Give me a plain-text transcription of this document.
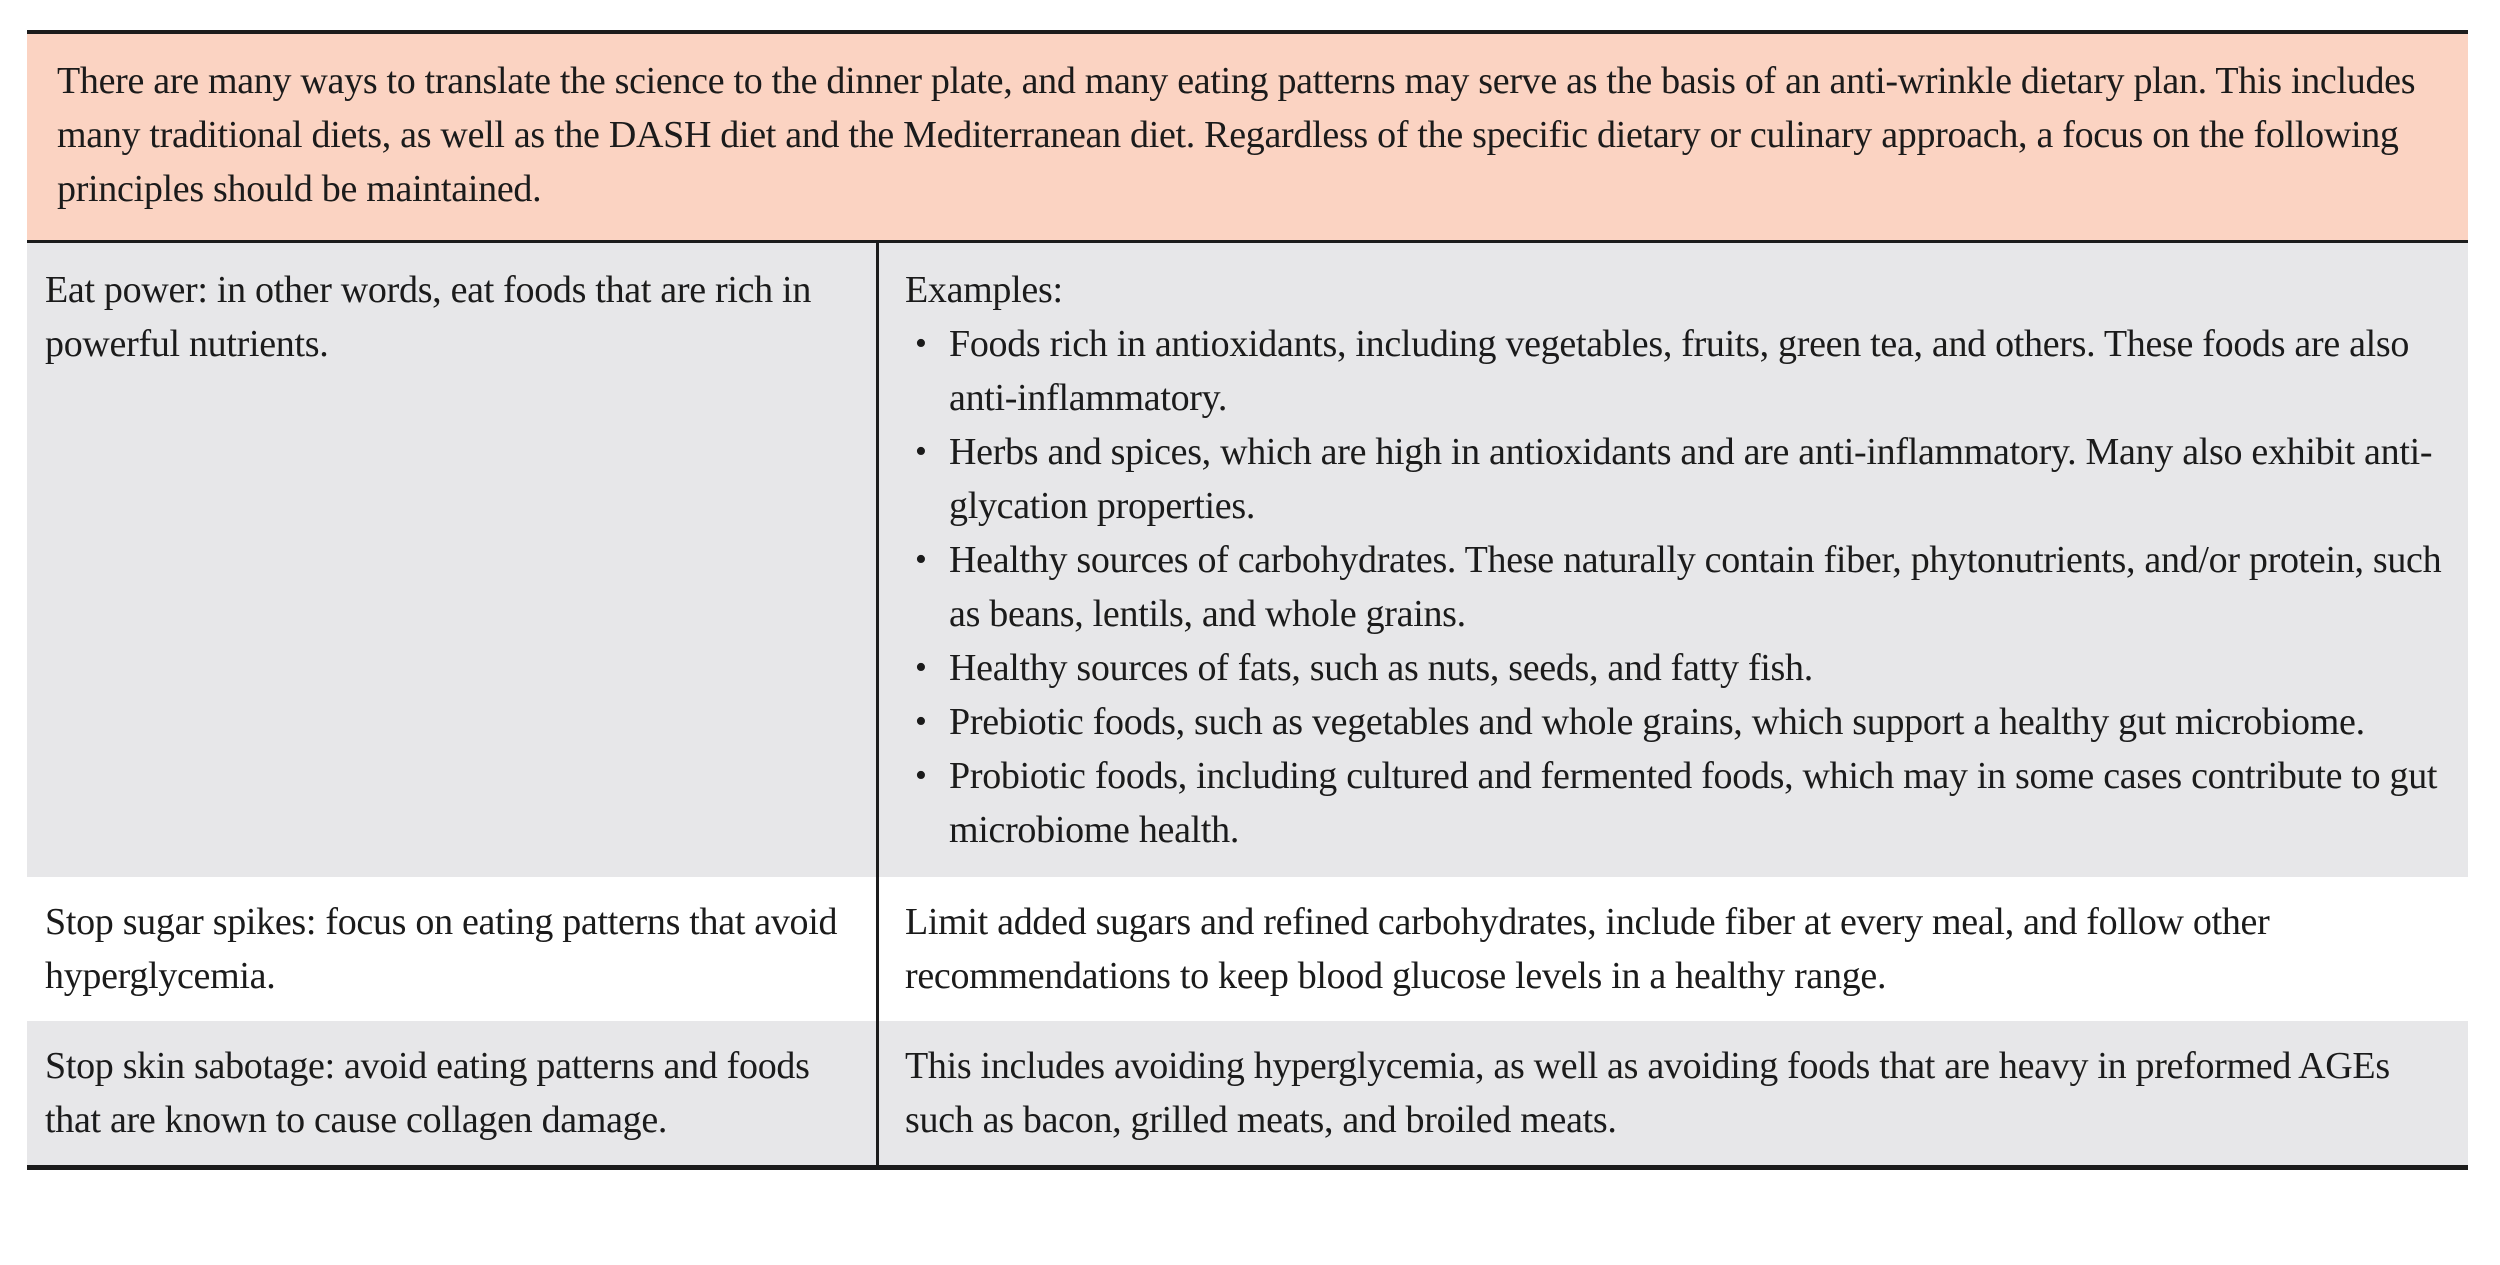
There are many ways to translate the science to the dinner plate, and many eating patterns may serve as the basis of an anti-wrinkle dietary plan. This includes many traditional diets, as well as the DASH diet and the Mediterranean diet. Regardless of the specific dietary or culinary approach, a focus on the following principles should be maintained.
Eat power: in other words, eat foods that are rich in powerful nutrients.
Examples:
• Foods rich in antioxidants, including vegetables, fruits, green tea, and others. These foods are also anti-inflammatory.
• Herbs and spices, which are high in antioxidants and are anti-inflammatory. Many also exhibit anti-glycation properties.
• Healthy sources of carbohydrates. These naturally contain fiber, phytonutrients, and/or protein, such as beans, lentils, and whole grains.
• Healthy sources of fats, such as nuts, seeds, and fatty fish.
• Prebiotic foods, such as vegetables and whole grains, which support a healthy gut microbiome.
• Probiotic foods, including cultured and fermented foods, which may in some cases contribute to gut microbiome health.
Stop sugar spikes: focus on eating patterns that avoid hyperglycemia.
Limit added sugars and refined carbohydrates, include fiber at every meal, and follow other recommendations to keep blood glucose levels in a healthy range.
Stop skin sabotage: avoid eating patterns and foods that are known to cause collagen damage.
This includes avoiding hyperglycemia, as well as avoiding foods that are heavy in preformed AGEs such as bacon, grilled meats, and broiled meats.
